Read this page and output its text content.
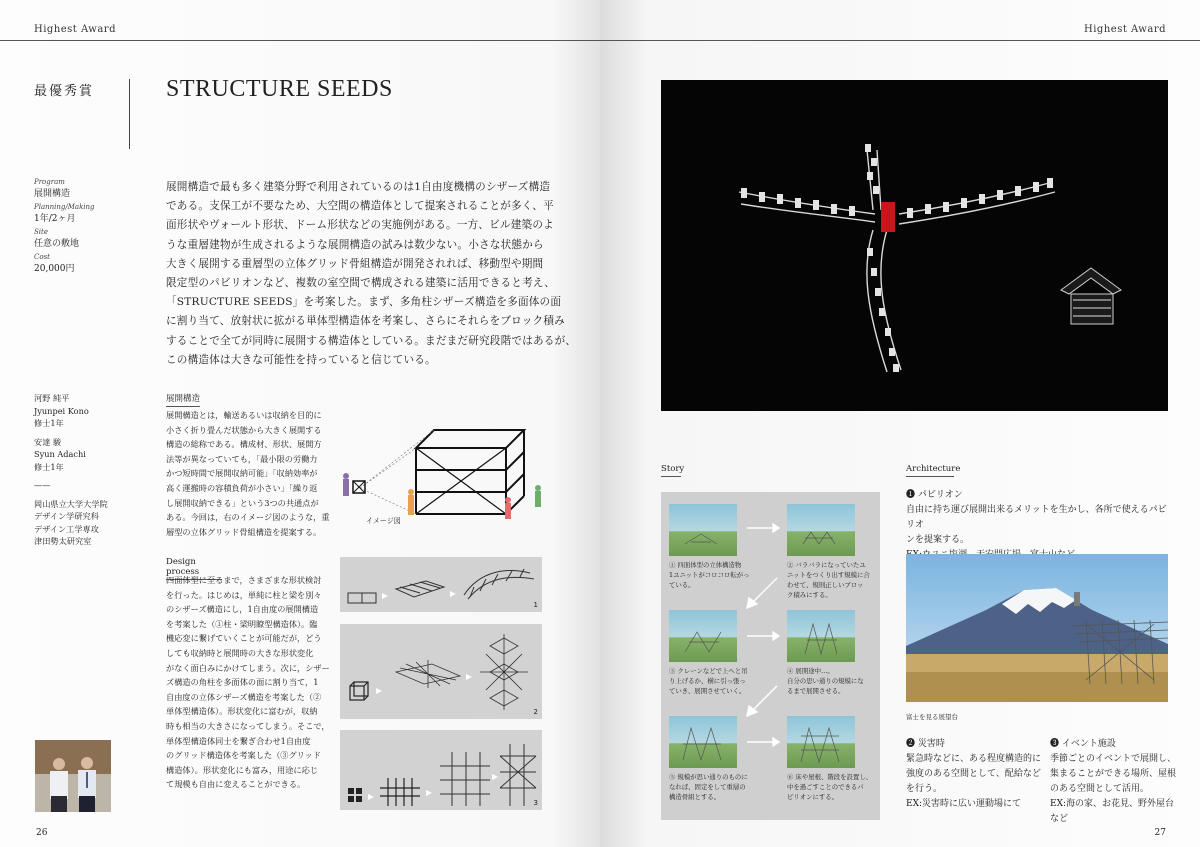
Highest Award
最優秀賞	STRUCTURE SEEDS
Program
展開構造
Planning/Making
1年/2ヶ月
Site
任意の敷地
Cost
20,000円
展開構造で最も多く建築分野で利用されているのは1自由度機構のシザーズ構造
である。支保工が不要なため、大空間の構造体として提案されることが多く、平
面形状やヴォールト形状、ドーム形状などの実施例がある。一方、ビル建築のよ
うな重層建物が生成されるような展開構造の試みは数少ない。小さな状態から
大きく展開する重層型の立体グリッド骨組構造が開発されれば、移動型や期間
限定型のパビリオンなど、複数の室空間で構成される建築に活用できると考え、
「STRUCTURE SEEDS」を考案した。まず、多角柱シザーズ構造を多面体の面
に割り当て、放射状に拡がる単体型構造体を考案し、さらにそれらをブロック積み
することで全てが同時に展開する構造体としている。まだまだ研究段階ではあるが、
この構造体は大きな可能性を持っていると信じている。
河野 純平
Jyunpei Kono
修士1年
安達 駿
Syun Adachi
修士1年
——
岡山県立大学大学院
デザイン学研究科
デザイン工学専攻
津田勢太研究室
展開構造
展開構造とは，輸送あるいは収納を目的に
小さく折り畳んだ状態から大きく展開する
構造の総称である。構成材、形状、展開方
法等が異なっていても，「最小限の労働力
かつ短時間で展開収納可能」「収納効率が
高く運搬時の容積負荷が小さい」「繰り返
し展開収納できる」という3つの共通点が
ある。今回は，右のイメージ図のような，重
層型の立体グリッド骨組構造を提案する。
イメージ図
Design process
四面体型に至るまで，さまざまな形状検討
を行った。はじめは，単純に柱と梁を別々
のシザーズ構造にし，1自由度の展開構造
を考案した（①柱・梁明瞭型構造体）。臨
機応変に繋げていくことが可能だが，どう
しても収納時と展開時の大きな形状変化
がなく面白みにかけてしまう。次に，シザー
ズ構造の角柱を多面体の面に割り当て，1
自由度の立体シザーズ構造を考案した（②
単体型構造体）。形状変化に富むが，収納
時も相当の大きさになってしまう。そこで，
単体型構造体同士を繋ぎ合わせ1自由度
のグリッド構造体を考案した（③グリッド
構造体）。形状変化にも富み，用途に応じ
て規模も自由に変えることができる。
1
2
3
26
Highest Award
Story
① 四面体型の立体構造物
1ユニットがコロコロ転がっ
ている。
② バラバラになっていたユ
ニットをつくり出す規模に合
わせて、規則正しいブロッ
ク積みにする。
③ クレーンなどで上へと吊
り上げるか、横に引っ張っ
ていき、展開させていく。
④ 展開途中…。
自分の思い通りの規模にな
るまで展開させる。
⑤ 規模が思い通りのものに
なれば、固定をして重層の
構造骨組とする。
⑥ 床や屋根、階段を設置し、
中を過ごすことのできるパ
ビリオンにする。
Architecture
❶ パビリオン
自由に持ち運び展開出来るメリットを生かし、各所で使えるパビリオ
ンを提案する。
富士を見る展望台
❷ 災害時
緊急時などに、ある程度構造的に
強度のある空間として、配給など
を行う。
EX:災害時に広い運動場にて
❸ イベント施設
季節ごとのイベントで展開し、
集まることができる場所、屋根
のある空間として活用。
EX:海の家、お花見、野外屋台
など
27
